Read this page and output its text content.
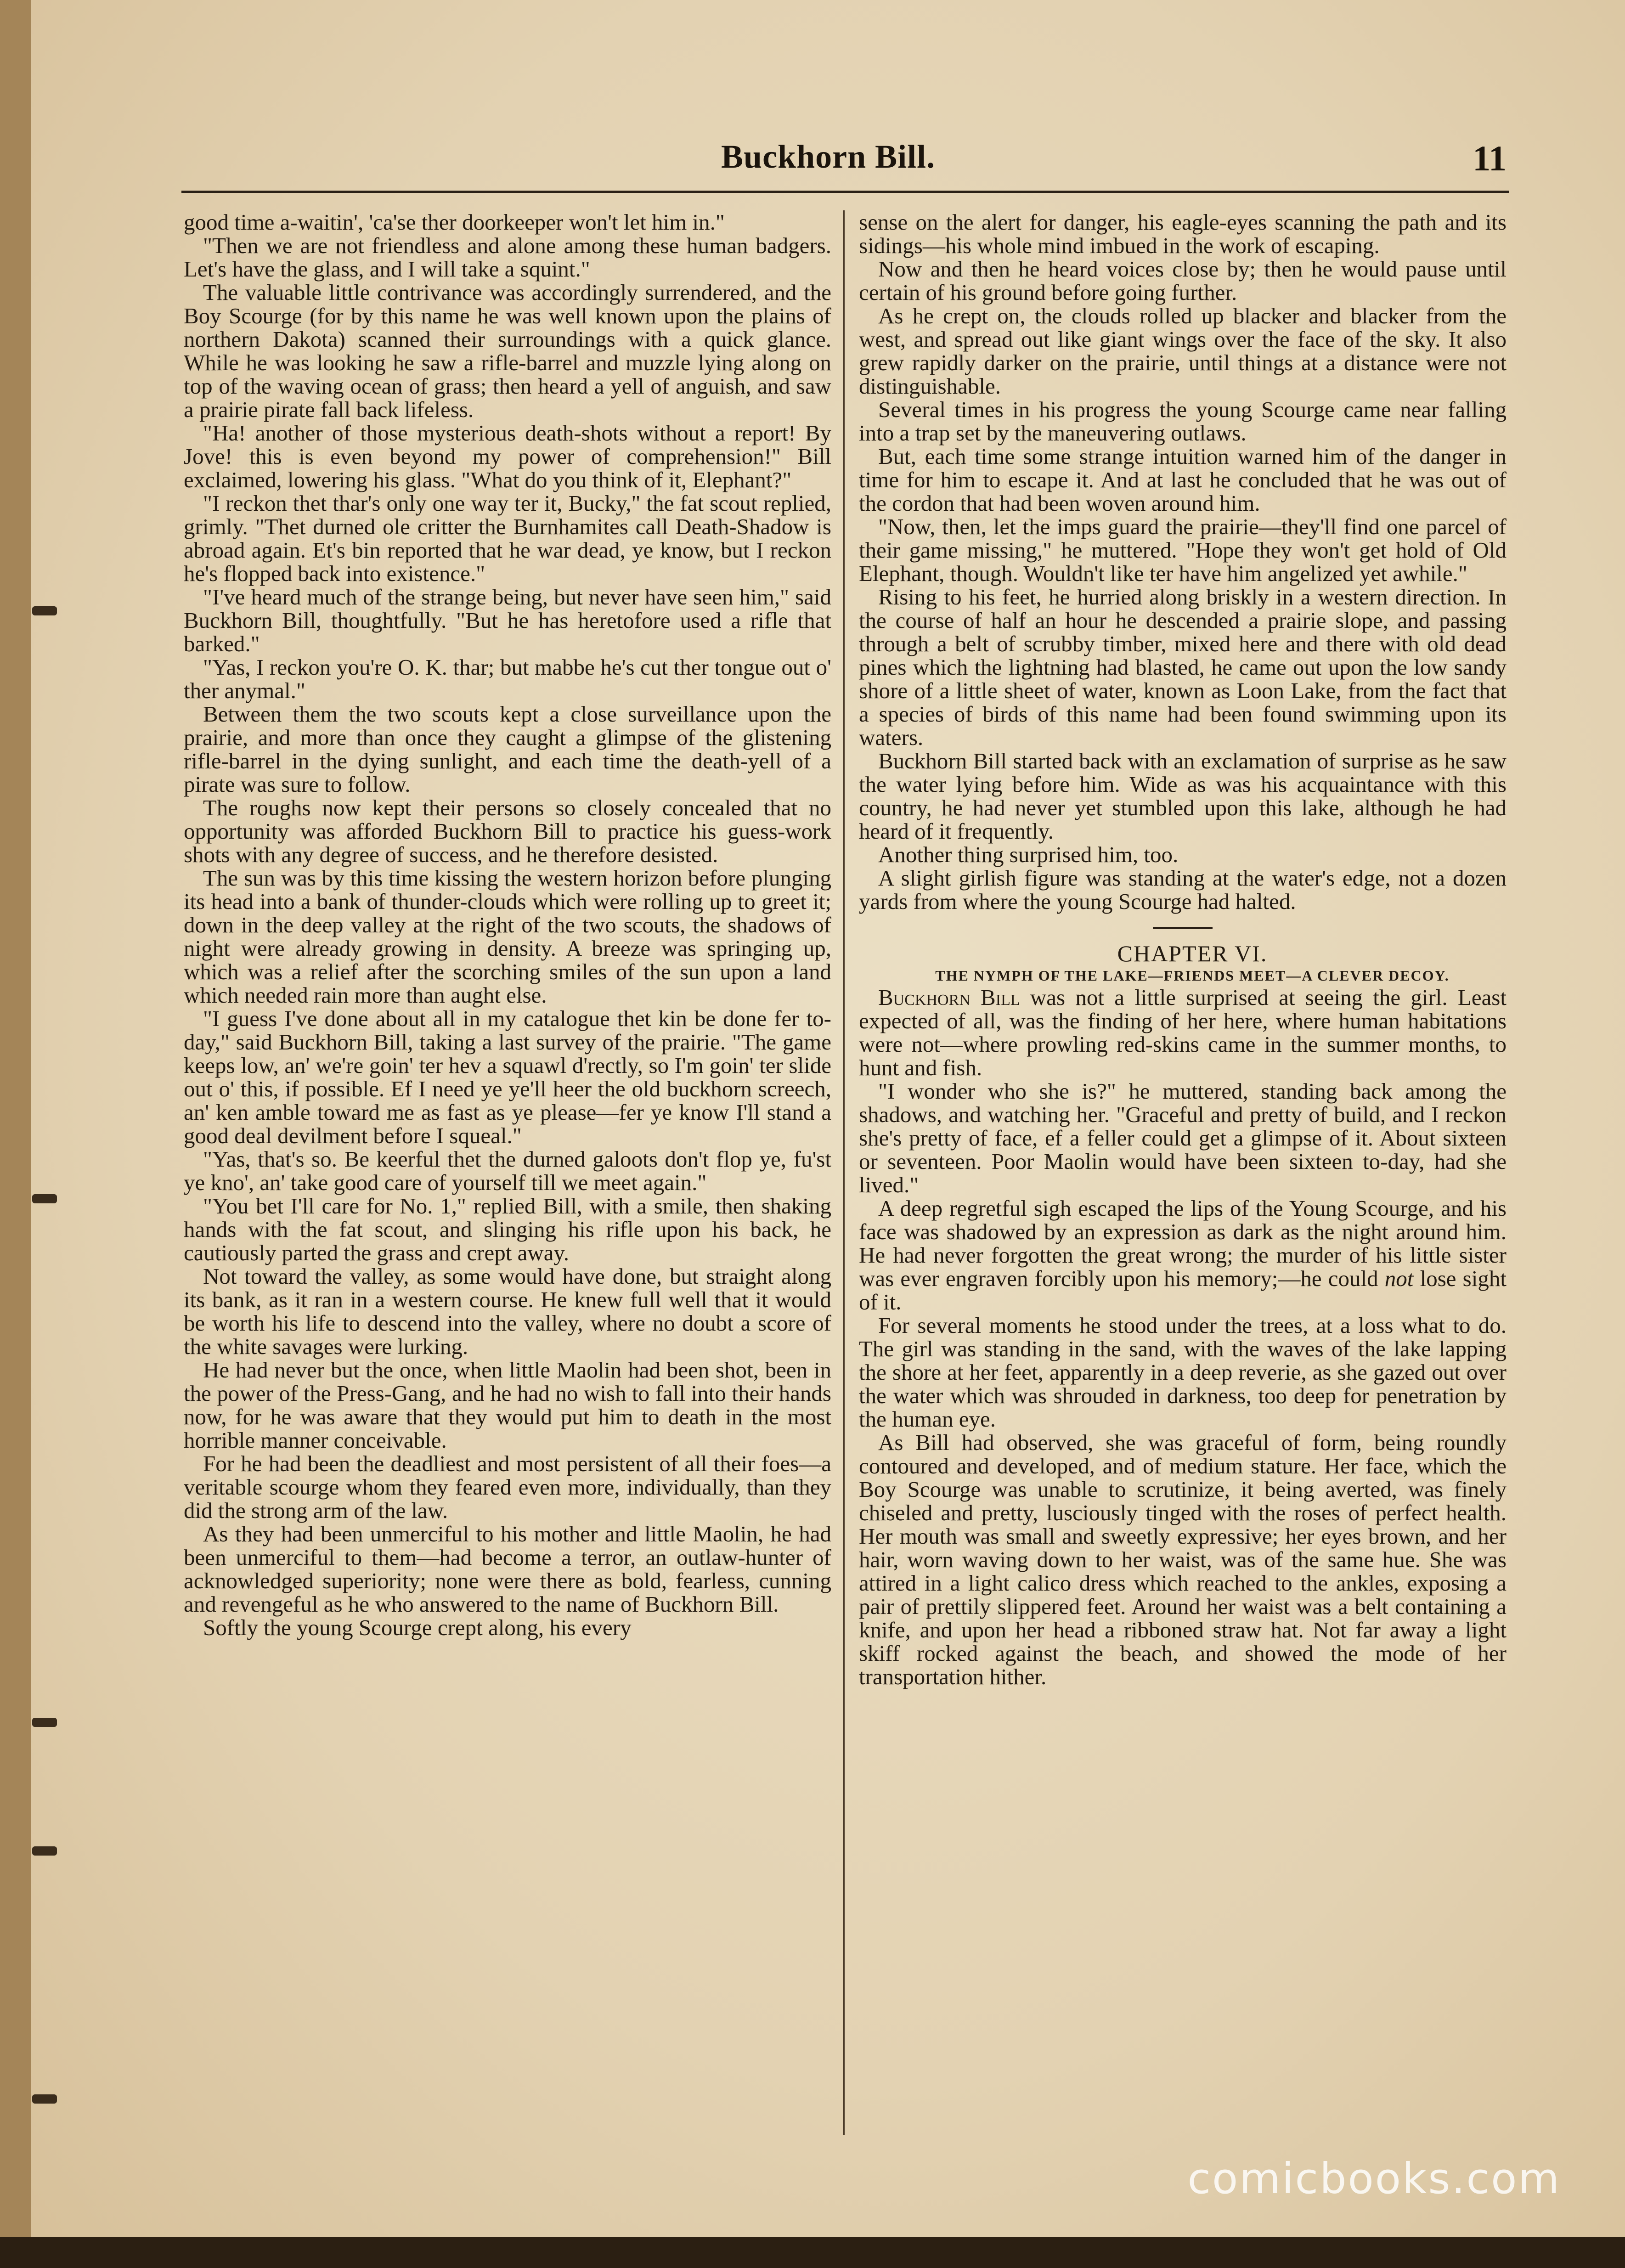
Buckhorn Bill.	11

good time a-waitin', 'ca'se ther doorkeeper won't let him in."

"Then we are not friendless and alone among these human badgers. Let's have the glass, and I will take a squint."

The valuable little contrivance was accordingly surrendered, and the Boy Scourge (for by this name he was well known upon the plains of northern Dakota) scanned their surroundings with a quick glance. While he was looking he saw a rifle-barrel and muzzle lying along on top of the waving ocean of grass; then heard a yell of anguish, and saw a prairie pirate fall back lifeless.

"Ha! another of those mysterious death-shots without a report! By Jove! this is even beyond my power of comprehension!" Bill exclaimed, lowering his glass. "What do you think of it, Elephant?"

"I reckon thet thar's only one way ter it, Bucky," the fat scout replied, grimly. "Thet durned ole critter the Burnhamites call Death-Shadow is abroad again. Et's bin reported that he war dead, ye know, but I reckon he's flopped back into existence."

"I've heard much of the strange being, but never have seen him," said Buckhorn Bill, thoughtfully. "But he has heretofore used a rifle that barked."

"Yas, I reckon you're O. K. thar; but mabbe he's cut ther tongue out o' ther anymal."

Between them the two scouts kept a close surveillance upon the prairie, and more than once they caught a glimpse of the glistening rifle-barrel in the dying sunlight, and each time the death-yell of a pirate was sure to follow.

The roughs now kept their persons so closely concealed that no opportunity was afforded Buckhorn Bill to practice his guess-work shots with any degree of success, and he therefore desisted.

The sun was by this time kissing the western horizon before plunging its head into a bank of thunder-clouds which were rolling up to greet it; down in the deep valley at the right of the two scouts, the shadows of night were already growing in density. A breeze was springing up, which was a relief after the scorching smiles of the sun upon a land which needed rain more than aught else.

"I guess I've done about all in my catalogue thet kin be done fer to-day," said Buckhorn Bill, taking a last survey of the prairie. "The game keeps low, an' we're goin' ter hev a squawl d'rectly, so I'm goin' ter slide out o' this, if possible. Ef I need ye ye'll heer the old buckhorn screech, an' ken amble toward me as fast as ye please—fer ye know I'll stand a good deal devilment before I squeal."

"Yas, that's so. Be keerful thet the durned galoots don't flop ye, fu'st ye kno', an' take good care of yourself till we meet again."

"You bet I'll care for No. 1," replied Bill, with a smile, then shaking hands with the fat scout, and slinging his rifle upon his back, he cautiously parted the grass and crept away.

Not toward the valley, as some would have done, but straight along its bank, as it ran in a western course. He knew full well that it would be worth his life to descend into the valley, where no doubt a score of the white savages were lurking.

He had never but the once, when little Maolin had been shot, been in the power of the Press-Gang, and he had no wish to fall into their hands now, for he was aware that they would put him to death in the most horrible manner conceivable.

For he had been the deadliest and most persistent of all their foes—a veritable scourge whom they feared even more, individually, than they did the strong arm of the law.

As they had been unmerciful to his mother and little Maolin, he had been unmerciful to them—had become a terror, an outlaw-hunter of acknowledged superiority; none were there as bold, fearless, cunning and revengeful as he who answered to the name of Buckhorn Bill.

Softly the young Scourge crept along, his every

sense on the alert for danger, his eagle-eyes scanning the path and its sidings—his whole mind imbued in the work of escaping.

Now and then he heard voices close by; then he would pause until certain of his ground before going further.

As he crept on, the clouds rolled up blacker and blacker from the west, and spread out like giant wings over the face of the sky. It also grew rapidly darker on the prairie, until things at a distance were not distinguishable.

Several times in his progress the young Scourge came near falling into a trap set by the maneuvering outlaws.

But, each time some strange intuition warned him of the danger in time for him to escape it. And at last he concluded that he was out of the cordon that had been woven around him.

"Now, then, let the imps guard the prairie—they'll find one parcel of their game missing," he muttered. "Hope they won't get hold of Old Elephant, though. Wouldn't like ter have him angelized yet awhile."

Rising to his feet, he hurried along briskly in a western direction. In the course of half an hour he descended a prairie slope, and passing through a belt of scrubby timber, mixed here and there with old dead pines which the lightning had blasted, he came out upon the low sandy shore of a little sheet of water, known as Loon Lake, from the fact that a species of birds of this name had been found swimming upon its waters.

Buckhorn Bill started back with an exclamation of surprise as he saw the water lying before him. Wide as was his acquaintance with this country, he had never yet stumbled upon this lake, although he had heard of it frequently.

Another thing surprised him, too.

A slight girlish figure was standing at the water's edge, not a dozen yards from where the young Scourge had halted.

CHAPTER VI.

THE NYMPH OF THE LAKE—FRIENDS MEET—A CLEVER DECOY.

Buckhorn Bill was not a little surprised at seeing the girl. Least expected of all, was the finding of her here, where human habitations were not—where prowling red-skins came in the summer months, to hunt and fish.

"I wonder who she is?" he muttered, standing back among the shadows, and watching her. "Graceful and pretty of build, and I reckon she's pretty of face, ef a feller could get a glimpse of it. About sixteen or seventeen. Poor Maolin would have been sixteen to-day, had she lived."

A deep regretful sigh escaped the lips of the Young Scourge, and his face was shadowed by an expression as dark as the night around him. He had never forgotten the great wrong; the murder of his little sister was ever engraven forcibly upon his memory;—he could not lose sight of it.

For several moments he stood under the trees, at a loss what to do. The girl was standing in the sand, with the waves of the lake lapping the shore at her feet, apparently in a deep reverie, as she gazed out over the water which was shrouded in darkness, too deep for penetration by the human eye.

As Bill had observed, she was graceful of form, being roundly contoured and developed, and of medium stature. Her face, which the Boy Scourge was unable to scrutinize, it being averted, was finely chiseled and pretty, lusciously tinged with the roses of perfect health. Her mouth was small and sweetly expressive; her eyes brown, and her hair, worn waving down to her waist, was of the same hue. She was attired in a light calico dress which reached to the ankles, exposing a pair of prettily slippered feet. Around her waist was a belt containing a knife, and upon her head a ribboned straw hat. Not far away a light skiff rocked against the beach, and showed the mode of her transportation hither.

comicbooks.com
